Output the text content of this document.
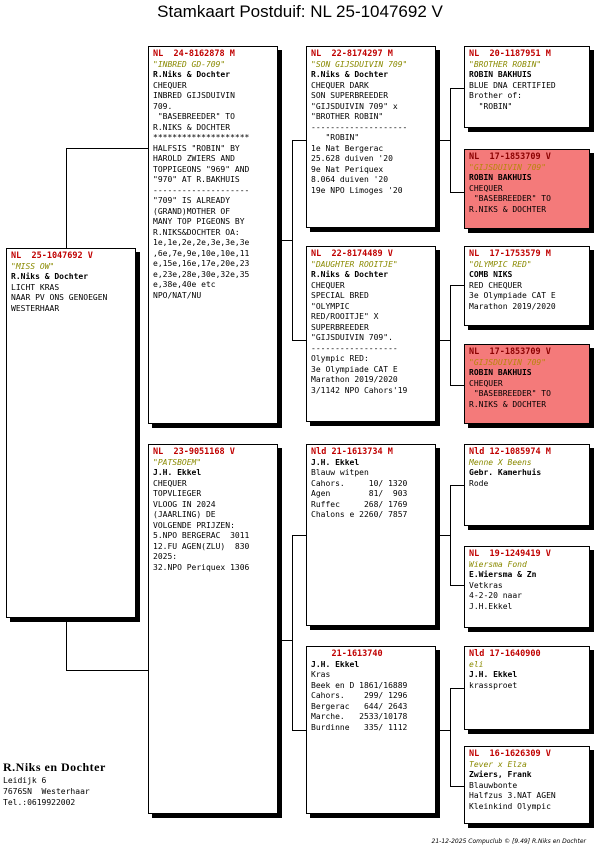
Stamkaart Postduif: NL 25-1047692 V
NL  25-1047692 V
"MISS OW"
R.Niks & Dochter
LICHT KRAS
NAAR PV ONS GENOEGEN
WESTERHAAR
NL  24-8162878 M
"INBRED GD-709"
R.Niks & Dochter
CHEQUER
INBRED GIJSDUIVIN
709.
"BASEBREEDER" TO
R.NIKS & DOCHTER
********************
HALFSIS "ROBIN" BY
HAROLD ZWIERS AND
TOPPIGEONS "969" AND
"970" AT R.BAKHUIS
--------------------
"709" IS ALREADY
(GRAND)MOTHER OF
MANY TOP PIGEONS BY
R.NIKS&DOCHTER OA:
1e,1e,2e,2e,3e,3e,3e
,6e,7e,9e,10e,10e,11
e,15e,16e,17e,20e,23
e,23e,28e,30e,32e,35
e,38e,40e etc
NPO/NAT/NU
NL  23-9051168 V
"PATSBOEM"
J.H. Ekkel
CHEQUER
TOPVLIEGER
VLOOG IN 2024
(JAARLING) DE
VOLGENDE PRIJZEN:
5.NPO BERGERAC  3011
12.FU AGEN(ZLU)  830
2025:
32.NPO Periquex 1306
NL  22-8174297 M
"SON GIJSDUIVIN 709"
R.Niks & Dochter
CHEQUER DARK
SON SUPERBREEDER
"GIJSDUIVIN 709" x
"BROTHER ROBIN"
--------------------
"ROBIN"
1e Nat Bergerac
25.628 duiven '20
9e Nat Periquex
8.064 duiven '20
19e NPO Limoges '20
NL  22-8174489 V
"DAUGHTER ROOITJE"
R.Niks & Dochter
CHEQUER
SPECIAL BRED
"OLYMPIC
RED/ROOITJE" X
SUPERBREEDER
"GIJSDUIVIN 709".
------------------
Olympic RED:
3e Olympiade CAT E
Marathon 2019/2020
3/1142 NPO Cahors'19
Nld 21-1613734 M
J.H. Ekkel
Blauw witpen
Cahors.     10/ 1320
Agen        81/  903
Ruffec     268/ 1769
Chalons e 2260/ 7857
21-1613740
J.H. Ekkel
Kras
Beek en D 1861/16889
Cahors.    299/ 1296
Bergerac   644/ 2643
Marche.   2533/10178
Burdinne   335/ 1112
NL  20-1187951 M
"BROTHER ROBIN"
ROBIN BAKHUIS
BLUE DNA CERTIFIED
Brother of:
"ROBIN"
NL  17-1853709 V
"GIJSDUIVIN 709"
ROBIN BAKHUIS
CHEQUER
"BASEBREEDER" TO
R.NIKS & DOCHTER
NL  17-1753579 M
"OLYMPIC RED"
COMB NIKS
RED CHEQUER
3e Olympiade CAT E
Marathon 2019/2020
NL  17-1853709 V
"GIJSDUIVIN 709"
ROBIN BAKHUIS
CHEQUER
"BASEBREEDER" TO
R.NIKS & DOCHTER
Nld 12-1085974 M
Menne X Beens
Gebr. Kamerhuis
Rode
NL  19-1249419 V
Wiersma Fond
E.Wiersma & Zn
Vetkras
4-2-20 naar
J.H.Ekkel
Nld 17-1640900
eli
J.H. Ekkel
krassproet
NL  16-1626309 V
Tever x Elza
Zwiers, Frank
Blauwbonte
Halfzus 3.NAT AGEN
Kleinkind Olympic
R.Niks en Dochter
Leidijk 6
7676SN  Westerhaar
Tel.:0619922002
21-12-2025 Compuclub © [9.49] R.Niks en Dochter
